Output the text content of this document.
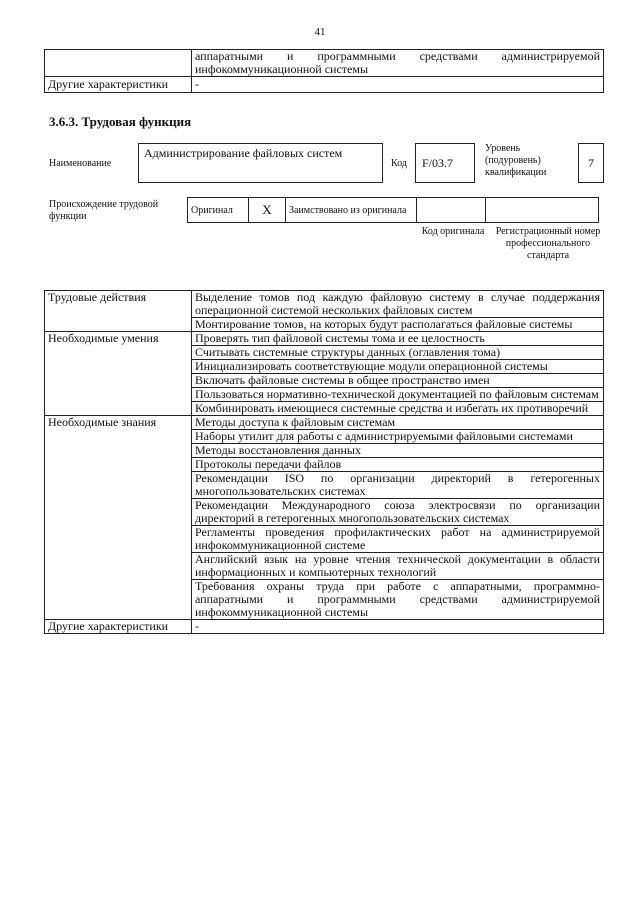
41
	аппаратными и программными средствами администрируемой инфокоммуникационной системы
Другие характеристики	-
3.6.3. Трудовая функция
Наименование
Администрирование файловых систем
Код	F/03.7
Уровень (подуровень) квалификации
7
Происхождение трудовой функции
Оригинал	X	Заимствовано из оригинала		
Код оригинала	Регистрационный номер профессионального стандарта
Трудовые действия	Выделение томов под каждую файловую систему в случае поддержания операционной системой нескольких файловых систем
	Монтирование томов, на которых будут располагаться файловые системы
Необходимые умения	Проверять тип файловой системы тома и ее целостность
	Считывать системные структуры данных (оглавления тома)
	Инициализировать соответствующие модули операционной системы
	Включать файловые системы в общее пространство имен
	Пользоваться нормативно-технической документацией по файловым системам
	Комбинировать имеющиеся системные средства и избегать их противоречий
Необходимые знания	Методы доступа к файловым системам
	Наборы утилит для работы с администрируемыми файловыми системами
	Методы восстановления данных
	Протоколы передачи файлов
	Рекомендации ISO по организации директорий в гетерогенных многопользовательских системах
	Рекомендации Международного союза электросвязи по организации директорий в гетерогенных многопользовательских системах
	Регламенты проведения профилактических работ на администрируемой инфокоммуникационной системе
	Английский язык на уровне чтения технической документации в области информационных и компьютерных технологий
	Требования охраны труда при работе с аппаратными, программно-аппаратными и программными средствами администрируемой инфокоммуникационной системы
Другие характеристики	-
